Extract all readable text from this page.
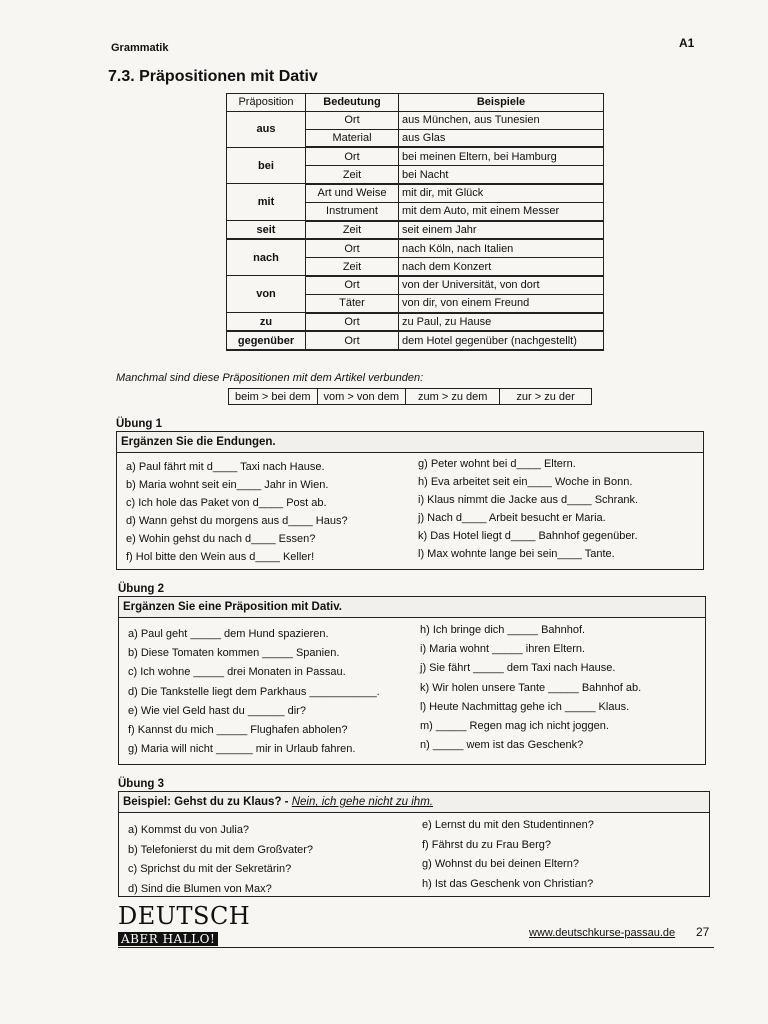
Grammatik	A1
7.3. Präpositionen mit Dativ
Präposition	Bedeutung	Beispiele
aus	Ort	aus München, aus Tunesien
	Material	aus Glas
bei	Ort	bei meinen Eltern, bei Hamburg
	Zeit	bei Nacht
mit	Art und Weise	mit dir, mit Glück
	Instrument	mit dem Auto, mit einem Messer
seit	Zeit	seit einem Jahr
nach	Ort	nach Köln, nach Italien
	Zeit	nach dem Konzert
von	Ort	von der Universität, von dort
	Täter	von dir, von einem Freund
zu	Ort	zu Paul, zu Hause
gegenüber	Ort	dem Hotel gegenüber (nachgestellt)
Manchmal sind diese Präpositionen mit dem Artikel verbunden:
beim > bei dem	vom > von dem	zum > zu dem	zur > zu der
Übung 1
Ergänzen Sie die Endungen.
a) Paul fährt mit d____ Taxi nach Hause.
b) Maria wohnt seit ein____ Jahr in Wien.
c) Ich hole das Paket von d____ Post ab.
d) Wann gehst du morgens aus d____ Haus?
e) Wohin gehst du nach d____ Essen?
f) Hol bitte den Wein aus d____ Keller!
g) Peter wohnt bei d____ Eltern.
h) Eva arbeitet seit ein____ Woche in Bonn.
i) Klaus nimmt die Jacke aus d____ Schrank.
j) Nach d____ Arbeit besucht er Maria.
k) Das Hotel liegt d____ Bahnhof gegenüber.
l) Max wohnte lange bei sein____ Tante.
Übung 2
Ergänzen Sie eine Präposition mit Dativ.
a) Paul geht _____ dem Hund spazieren.
b) Diese Tomaten kommen _____ Spanien.
c) Ich wohne _____ drei Monaten in Passau.
d) Die Tankstelle liegt dem Parkhaus ___________.
e) Wie viel Geld hast du ______ dir?
f) Kannst du mich _____ Flughafen abholen?
g) Maria will nicht ______ mir in Urlaub fahren.
h) Ich bringe dich _____ Bahnhof.
i) Maria wohnt _____ ihren Eltern.
j) Sie fährt _____ dem Taxi nach Hause.
k) Wir holen unsere Tante _____ Bahnhof ab.
l) Heute Nachmittag gehe ich _____ Klaus.
m) _____ Regen mag ich nicht joggen.
n) _____ wem ist das Geschenk?
Übung 3
Beispiel: Gehst du zu Klaus? - Nein, ich gehe nicht zu ihm.
a) Kommst du von Julia?
b) Telefonierst du mit dem Großvater?
c) Sprichst du mit der Sekretärin?
d) Sind die Blumen von Max?
e) Lernst du mit den Studentinnen?
f) Fährst du zu Frau Berg?
g) Wohnst du bei deinen Eltern?
h) Ist das Geschenk von Christian?
DEUTSCH
ABER HALLO!	www.deutschkurse-passau.de 27
